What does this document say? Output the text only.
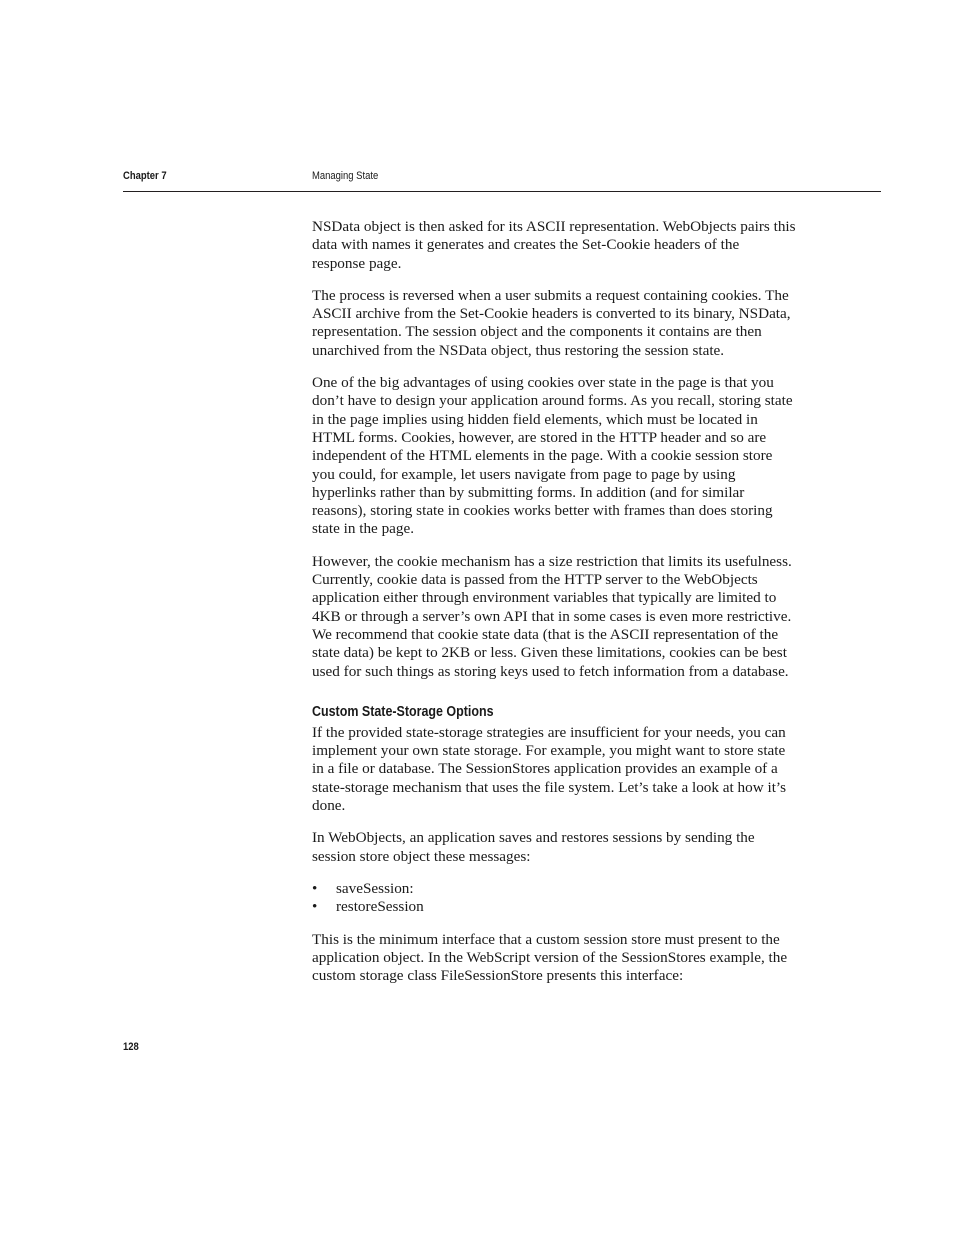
Chapter 7	Managing State

NSData object is then asked for its ASCII representation. WebObjects pairs this data with names it generates and creates the Set-Cookie headers of the response page.

The process is reversed when a user submits a request containing cookies. The ASCII archive from the Set-Cookie headers is converted to its binary, NSData, representation. The session object and the components it contains are then unarchived from the NSData object, thus restoring the session state.

One of the big advantages of using cookies over state in the page is that you don’t have to design your application around forms. As you recall, storing state in the page implies using hidden field elements, which must be located in HTML forms. Cookies, however, are stored in the HTTP header and so are independent of the HTML elements in the page. With a cookie session store you could, for example, let users navigate from page to page by using hyperlinks rather than by submitting forms. In addition (and for similar reasons), storing state in cookies works better with frames than does storing state in the page.

However, the cookie mechanism has a size restriction that limits its usefulness. Currently, cookie data is passed from the HTTP server to the WebObjects application either through environment variables that typically are limited to 4KB or through a server’s own API that in some cases is even more restrictive. We recommend that cookie state data (that is the ASCII representation of the state data) be kept to 2KB or less. Given these limitations, cookies can be best used for such things as storing keys used to fetch information from a database.

Custom State-Storage Options

If the provided state-storage strategies are insufficient for your needs, you can implement your own state storage. For example, you might want to store state in a file or database. The SessionStores application provides an example of a state-storage mechanism that uses the file system. Let’s take a look at how it’s done.

In WebObjects, an application saves and restores sessions by sending the session store object these messages:

• saveSession:
• restoreSession

This is the minimum interface that a custom session store must present to the application object. In the WebScript version of the SessionStores example, the custom storage class FileSessionStore presents this interface:

128
